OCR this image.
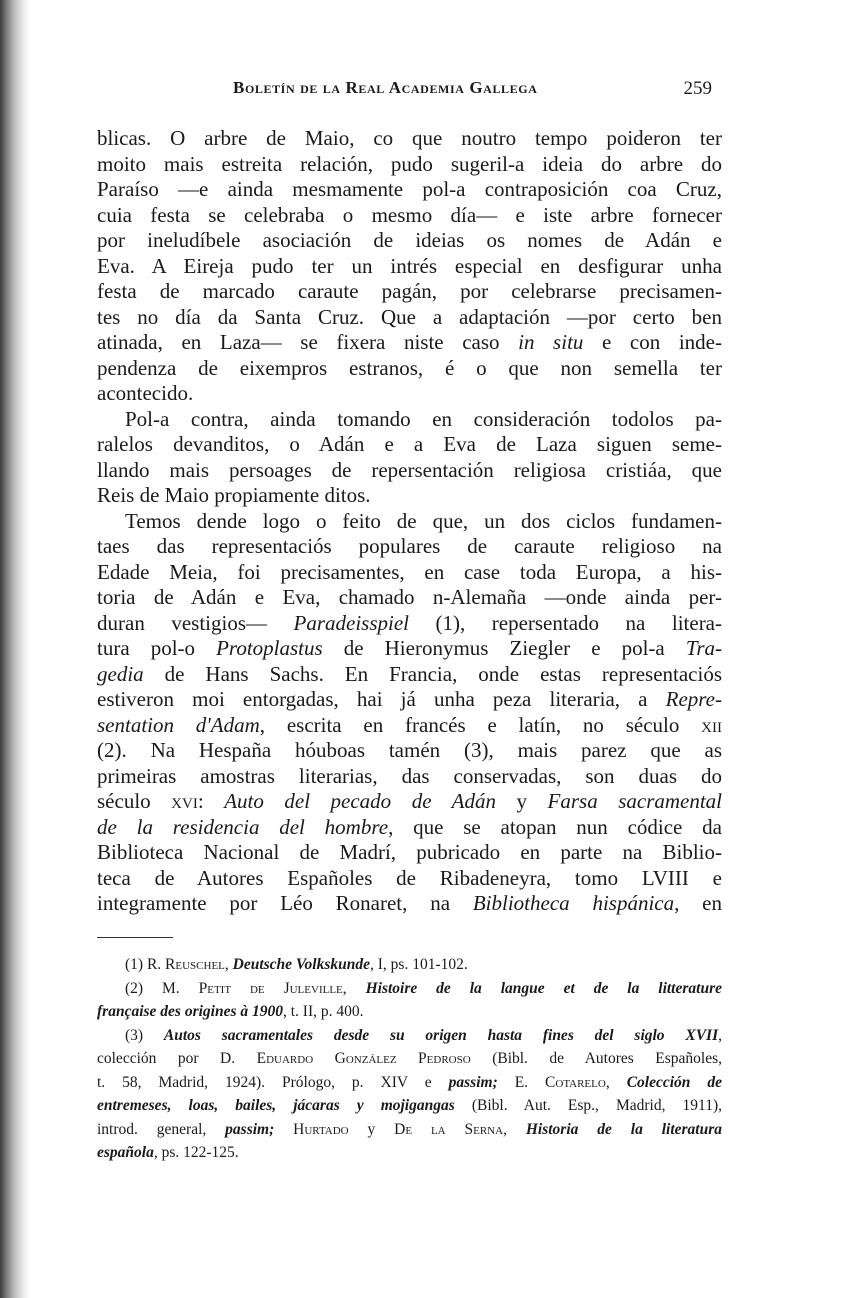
Boletín de la Real Academia Gallega	259
blicas. O arbre de Maio, co que noutro tempo poideron ter
moito mais estreita relación, pudo sugeril-a ideia do arbre do
Paraíso —e ainda mesmamente pol-a contraposición coa Cruz,
cuia festa se celebraba o mesmo día— e iste arbre fornecer
por ineludíbele asociación de ideias os nomes de Adán e
Eva. A Eireja pudo ter un intrés especial en desfigurar unha
festa de marcado caraute pagán, por celebrarse precisamen-
tes no día da Santa Cruz. Que a adaptación —por certo ben
atinada, en Laza— se fixera niste caso in situ e con inde-
pendenza de eixempros estranos, é o que non semella ter
acontecido.
Pol-a contra, ainda tomando en consideración todolos pa-
ralelos devanditos, o Adán e a Eva de Laza siguen seme-
llando mais persoages de repersentación religiosa cristiáa, que
Reis de Maio propiamente ditos.
Temos dende logo o feito de que, un dos ciclos fundamen-
taes das representaciós populares de caraute religioso na
Edade Meia, foi precisamentes, en case toda Europa, a his-
toria de Adán e Eva, chamado n-Alemaña —onde ainda per-
duran vestigios— Paradeisspiel (1), repersentado na litera-
tura pol-o Protoplastus de Hieronymus Ziegler e pol-a Tra-
gedia de Hans Sachs. En Francia, onde estas representaciós
estiveron moi entorgadas, hai já unha peza literaria, a Repre-
sentation d'Adam, escrita en francés e latín, no século xii
(2). Na Hespaña hóuboas tamén (3), mais parez que as
primeiras amostras literarias, das conservadas, son duas do
século xvi: Auto del pecado de Adán y Farsa sacramental
de la residencia del hombre, que se atopan nun códice da
Biblioteca Nacional de Madrí, pubricado en parte na Biblio-
teca de Autores Españoles de Ribadeneyra, tomo LVIII e
integramente por Léo Ronaret, na Bibliotheca hispánica, en
(1) R. Reuschel, Deutsche Volkskunde, I, ps. 101-102.
(2) M. Petit de Juleville, Histoire de la langue et de la litterature
française des origines à 1900, t. II, p. 400.
(3) Autos sacramentales desde su origen hasta fines del siglo XVII,
colección por D. Eduardo González Pedroso (Bibl. de Autores Españoles,
t. 58, Madrid, 1924). Prólogo, p. XIV e passim; E. Cotarelo, Colección de
entremeses, loas, bailes, jácaras y mojigangas (Bibl. Aut. Esp., Madrid, 1911),
introd. general, passim; Hurtado y De la Serna, Historia de la literatura
española, ps. 122-125.
